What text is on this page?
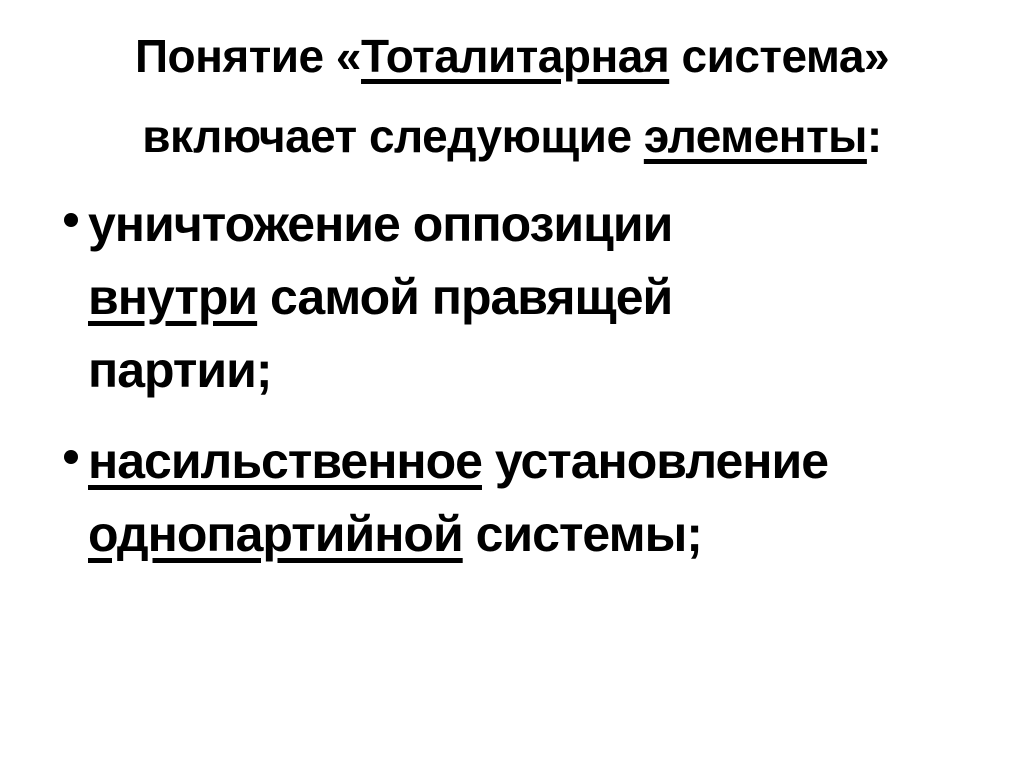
Понятие «Тоталитарная система»
включает следующие элементы:
уничтожение оппозиции
внутри самой правящей
партии;
насильственное установление
однопартийной системы;
